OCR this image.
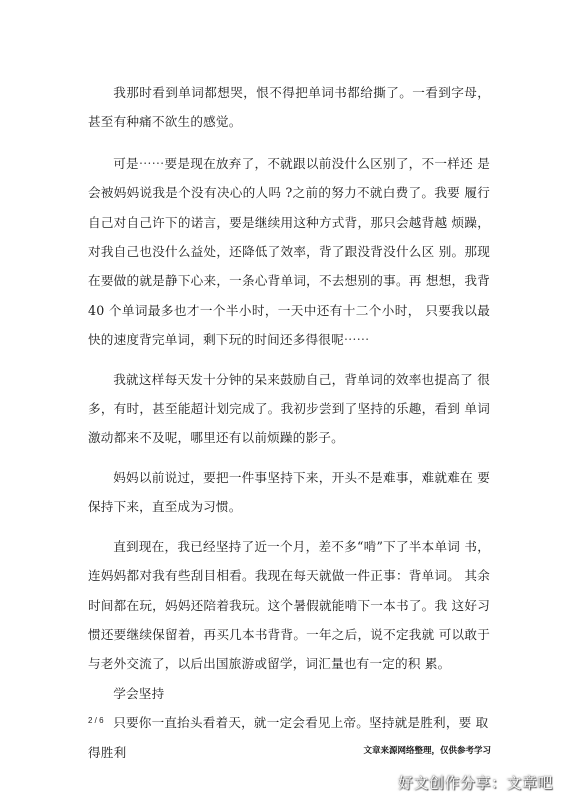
我那时看到单词都想哭，恨不得把单词书都给撕了。一看到字母， 甚至有种痛不欲生的感觉。

可是⋯⋯要是现在放弃了，不就跟以前没什么区别了，不一样还 是会被妈妈说我是个没有决心的人吗 ?之前的努力不就白费了。我要 履行自己对自己许下的诺言，要是继续用这种方式背，那只会越背越 烦躁，对我自己也没什么益处，还降低了效率，背了跟没背没什么区 别。那现在要做的就是静下心来，一条心背单词，不去想别的事。再 想想，我背 40 个单词最多也才一个半小时，一天中还有十二个小时， 只要我以最快的速度背完单词，剩下玩的时间还多得很呢⋯⋯

我就这样每天发十分钟的呆来鼓励自己，背单词的效率也提高了 很多，有时，甚至能超计划完成了。我初步尝到了坚持的乐趣，看到 单词激动都来不及呢，哪里还有以前烦躁的影子。

妈妈以前说过，要把一件事坚持下来，开头不是难事，难就难在 要保持下来，直至成为习惯。

直到现在，我已经坚持了近一个月，差不多“啃”下了半本单词 书，连妈妈都对我有些刮目相看。我现在每天就做一件正事：背单词。 其余时间都在玩，妈妈还陪着我玩。这个暑假就能啃下一本书了。我 这好习惯还要继续保留着，再买几本书背背。一年之后，说不定我就 可以敢于与老外交流了，以后出国旅游或留学，词汇量也有一定的积 累。

学会坚持

只要你一直抬头看着天，就一定会看见上帝。坚持就是胜利，要 取得胜利

2 / 6
文章来源网络整理，仅供参考学习
好文创作分享：文章吧
